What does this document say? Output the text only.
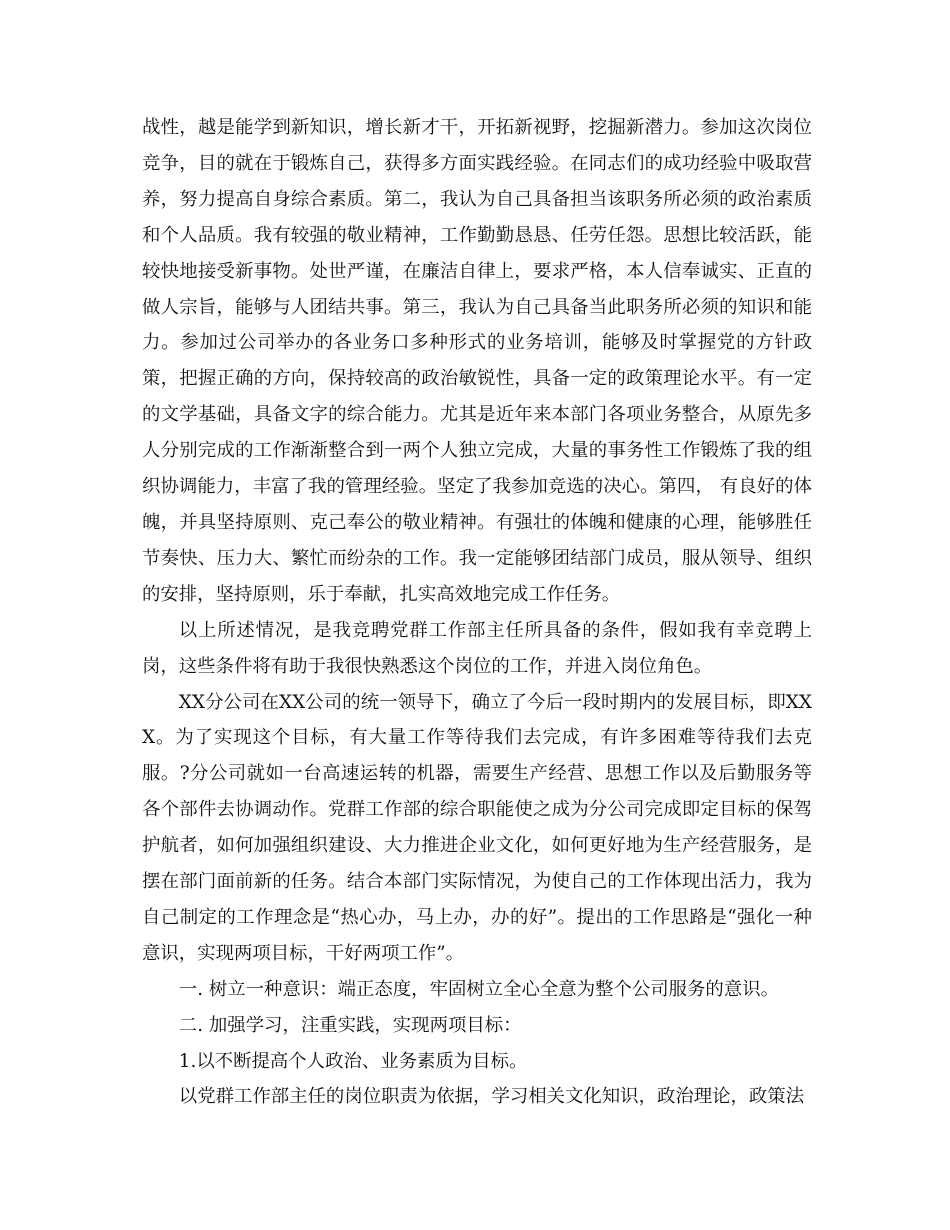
战性，越是能学到新知识，增长新才干，开拓新视野，挖掘新潜力。参加这次岗位竞争，目的就在于锻炼自己，获得多方面实践经验。在同志们的成功经验中吸取营养，努力提高自身综合素质。第二，我认为自己具备担当该职务所必须的政治素质和个人品质。我有较强的敬业精神，工作勤勤恳恳、任劳任怨。思想比较活跃，能较快地接受新事物。处世严谨，在廉洁自律上，要求严格，本人信奉诚实、正直的做人宗旨，能够与人团结共事。第三，我认为自己具备当此职务所必须的知识和能力。参加过公司举办的各业务口多种形式的业务培训，能够及时掌握党的方针政策，把握正确的方向，保持较高的政治敏锐性，具备一定的政策理论水平。有一定的文学基础，具备文字的综合能力。尤其是近年来本部门各项业务整合，从原先多人分别完成的工作渐渐整合到一两个人独立完成，大量的事务性工作锻炼了我的组织协调能力，丰富了我的管理经验。坚定了我参加竞选的决心。第四， 有良好的体魄，并具坚持原则、克己奉公的敬业精神。有强壮的体魄和健康的心理，能够胜任节奏快、压力大、繁忙而纷杂的工作。我一定能够团结部门成员，服从领导、组织的安排，坚持原则，乐于奉献，扎实高效地完成工作任务。

以上所述情况，是我竞聘党群工作部主任所具备的条件，假如我有幸竞聘上岗，这些条件将有助于我很快熟悉这个岗位的工作，并进入岗位角色。

XX分公司在XX公司的统一领导下，确立了今后一段时期内的发展目标，即XXX。为了实现这个目标，有大量工作等待我们去完成，有许多困难等待我们去克服。?分公司就如一台高速运转的机器，需要生产经营、思想工作以及后勤服务等各个部件去协调动作。党群工作部的综合职能使之成为分公司完成即定目标的保驾护航者，如何加强组织建设、大力推进企业文化，如何更好地为生产经营服务，是摆在部门面前新的任务。结合本部门实际情况，为使自己的工作体现出活力，我为自己制定的工作理念是“热心办，马上办，办的好”。提出的工作思路是“强化一种意识，实现两项目标，干好两项工作”。

一. 树立一种意识：端正态度，牢固树立全心全意为整个公司服务的意识。

二. 加强学习，注重实践，实现两项目标：

1.以不断提高个人政治、业务素质为目标。

以党群工作部主任的岗位职责为依据，学习相关文化知识，政治理论，政策法
